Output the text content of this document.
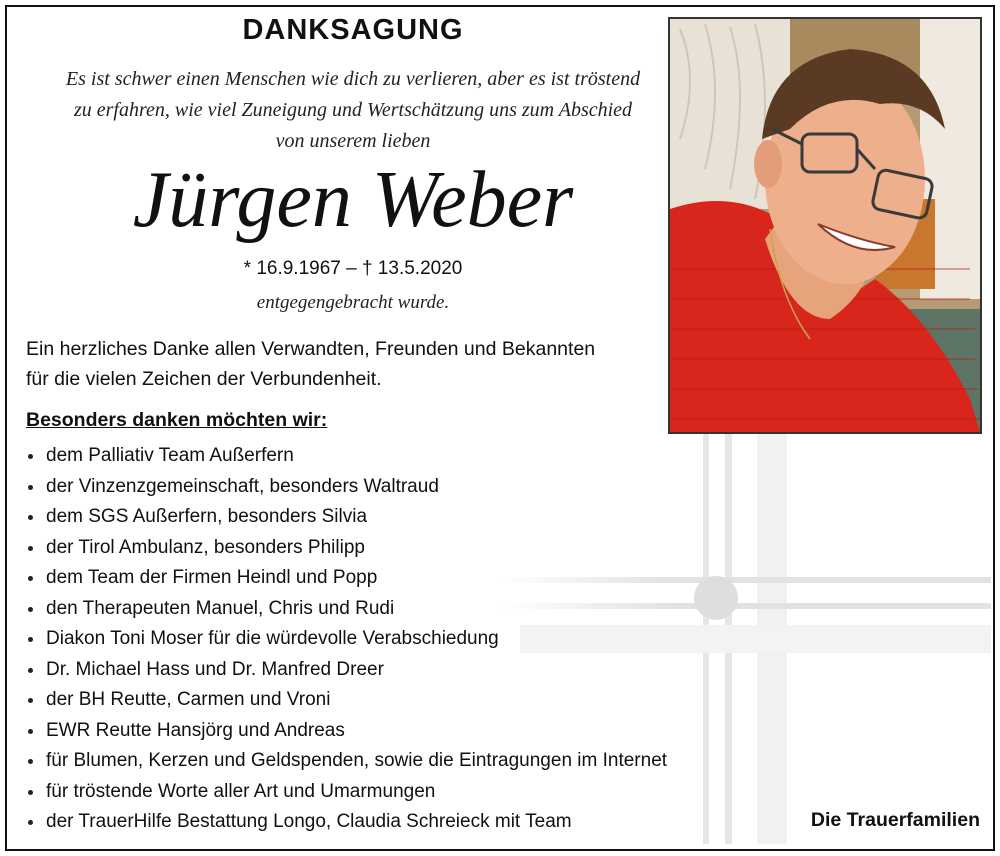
DANKSAGUNG
Es ist schwer einen Menschen wie dich zu verlieren, aber es ist tröstend
zu erfahren, wie viel Zuneigung und Wertschätzung uns zum Abschied
von unserem lieben
Jürgen Weber
* 16.9.1967 – † 13.5.2020
entgegengebracht wurde.
Ein herzliches Danke allen Verwandten, Freunden und Bekannten
für die vielen Zeichen der Verbundenheit.
Besonders danken möchten wir:
dem Palliativ Team Außerfern
der Vinzenzgemeinschaft, besonders Waltraud
dem SGS Außerfern, besonders Silvia
der Tirol Ambulanz, besonders Philipp
dem Team der Firmen Heindl und Popp
den Therapeuten Manuel, Chris und Rudi
Diakon Toni Moser für die würdevolle Verabschiedung
Dr. Michael Hass und Dr. Manfred Dreer
der BH Reutte, Carmen und Vroni
EWR Reutte Hansjörg und Andreas
für Blumen, Kerzen und Geldspenden, sowie die Eintragungen im Internet
für tröstende Worte aller Art und Umarmungen
der TrauerHilfe Bestattung Longo, Claudia Schreieck mit Team	Die Trauerfamilien
